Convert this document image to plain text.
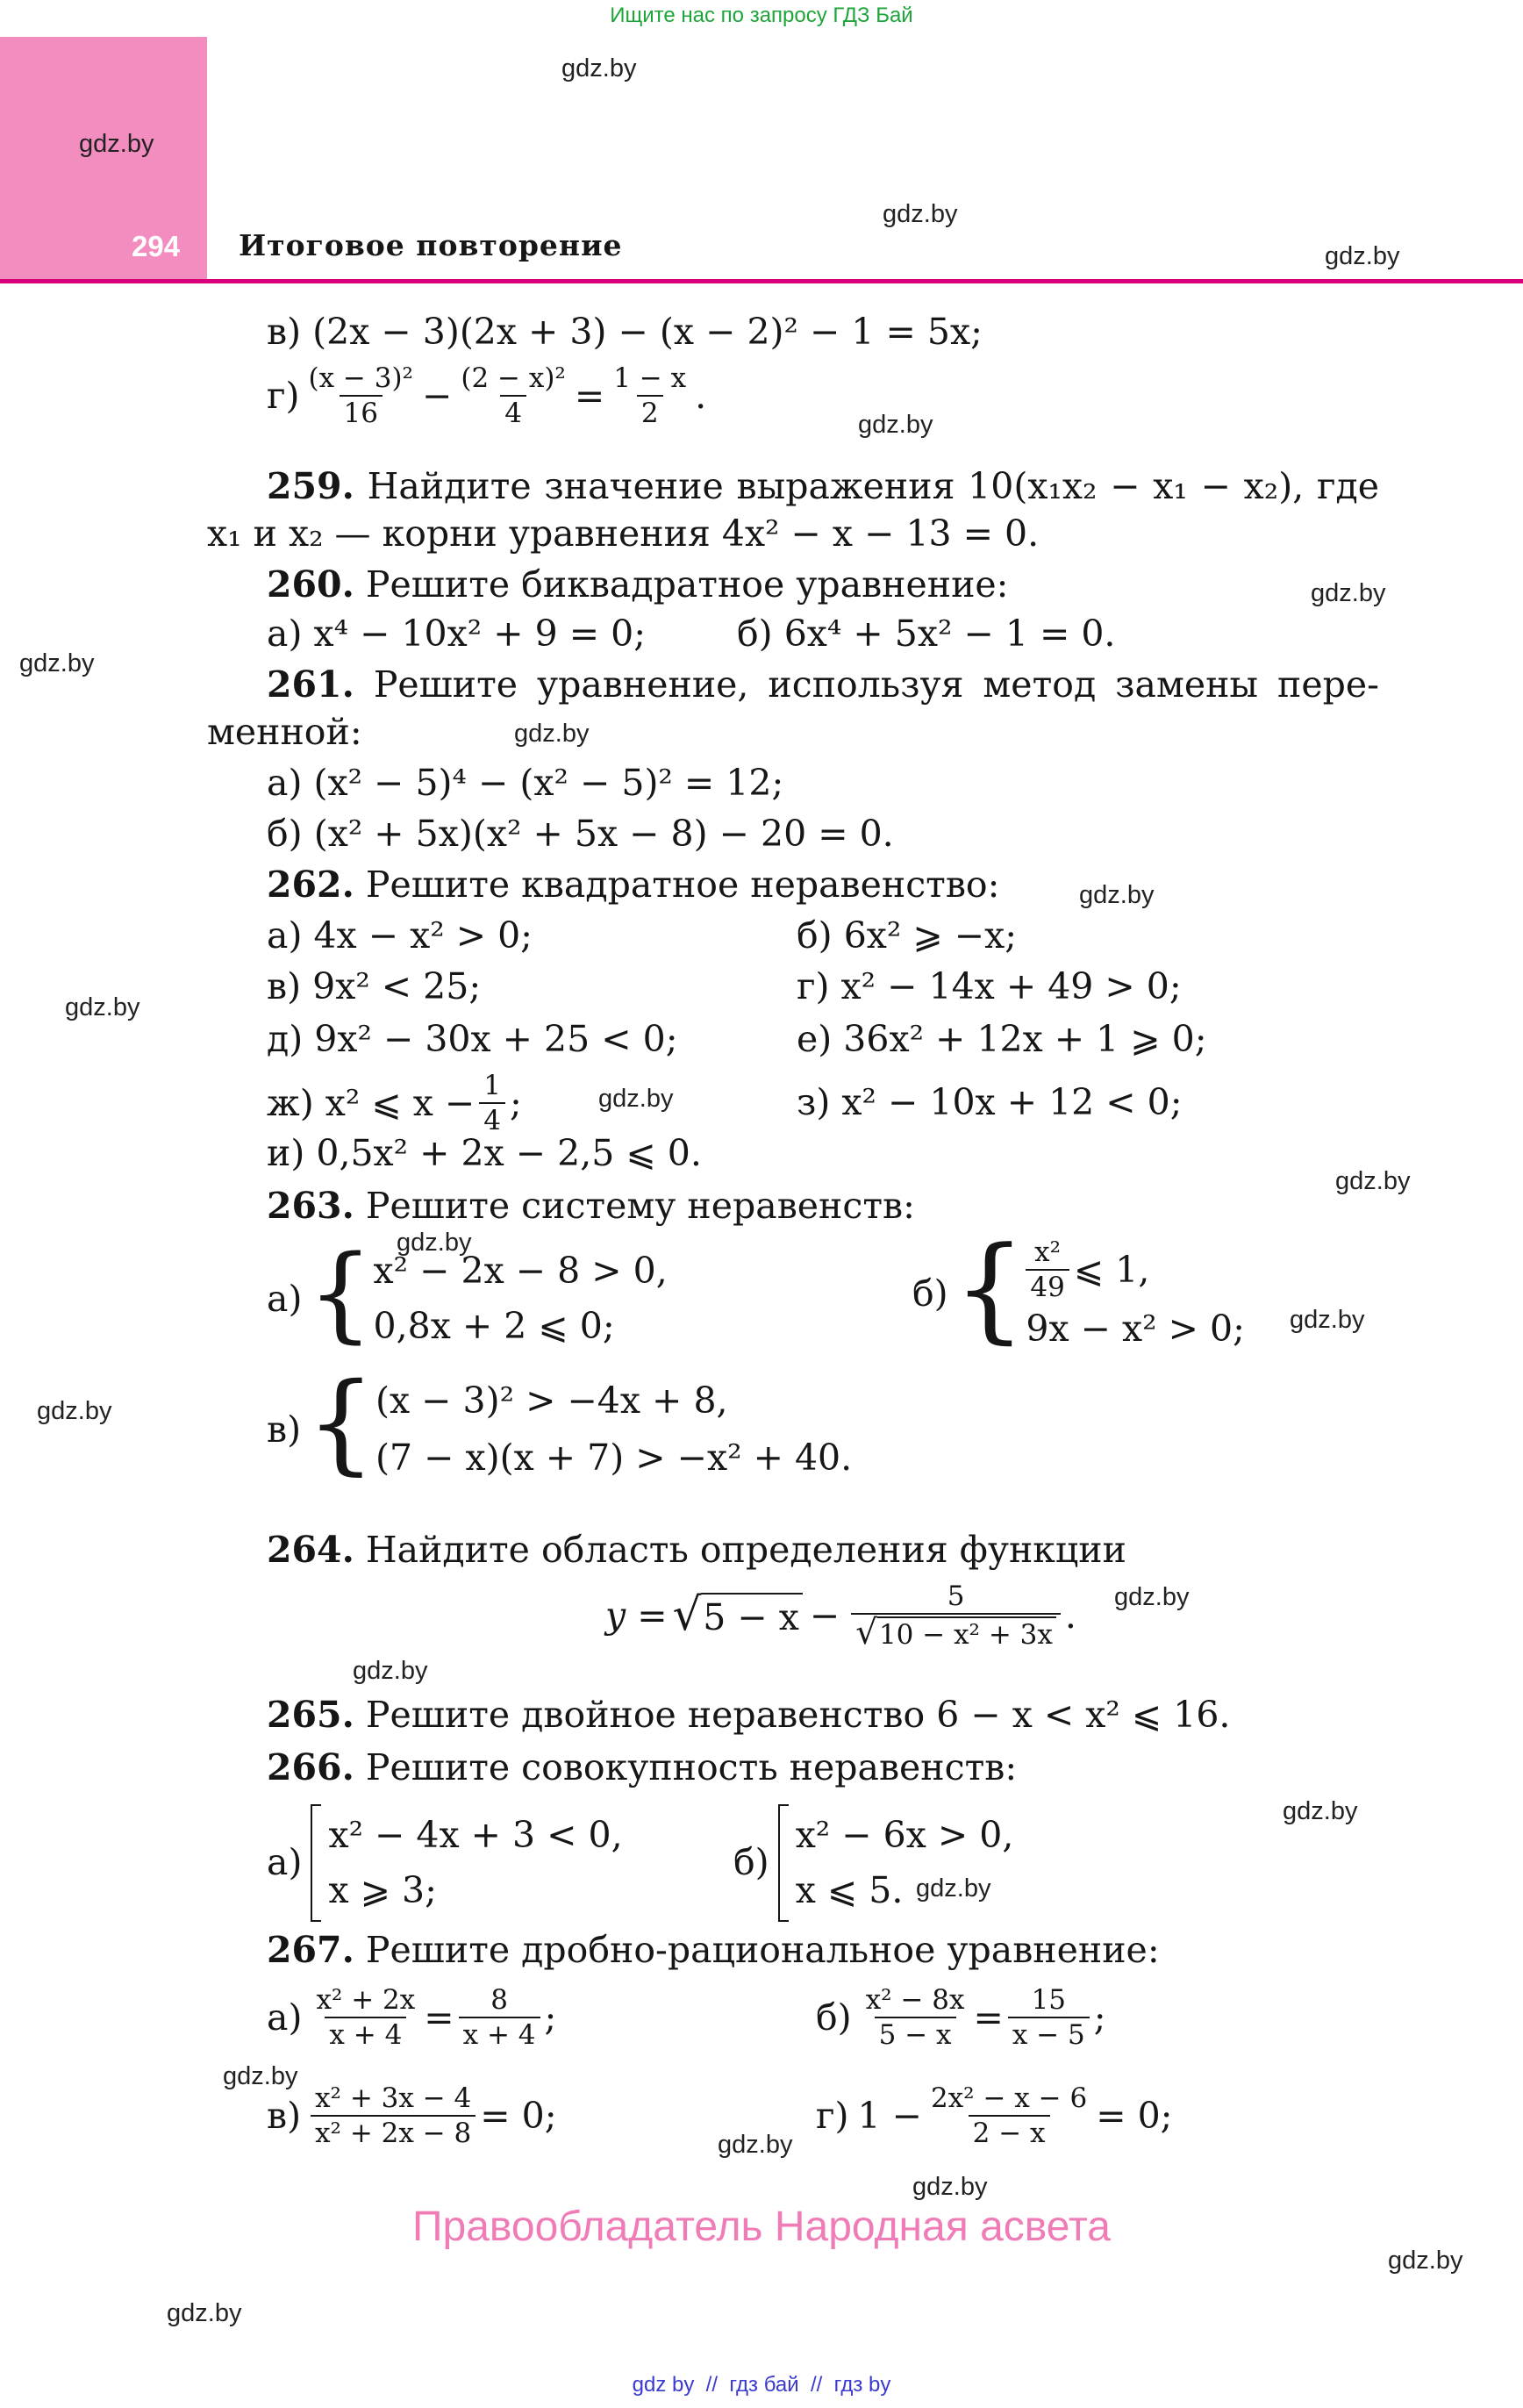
Ищите нас по запросу ГДЗ Бай
294 Итоговое повторение
gdz.by
gdz.by
gdz.by
gdz.by
gdz.by
gdz.by
gdz.by
gdz.by
gdz.by
gdz.by
gdz.by
gdz.by
gdz.by
gdz.by
gdz.by
gdz.by
gdz.by
gdz.by
gdz.by
gdz.by
gdz.by
gdz.by
gdz.by
gdz.by
в) (2x − 3)(2x + 3) − (x − 2)² − 1 = 5x;
$г) \frac{\text{(x − 3)²}}{16} - \frac{\text{(2 − x)²}}{4} = \frac{1 - x}{2}$ .
259. Найдите значение выражения 10(x₁x₂ − x₁ − x₂), где
x₁ и x₂ — корни уравнения 4x² − x − 13 = 0.
260. Решите биквадратное уравнение:
а) x⁴ − 10x² + 9 = 0;	б) 6x⁴ + 5x² − 1 = 0.
261. Решите уравнение, используя метод замены пере-
менной:
а) (x² − 5)⁴ − (x² − 5)² = 12;
б) (x² + 5x)(x² + 5x − 8) − 20 = 0.
262. Решите квадратное неравенство:
а) 4x − x² > 0;	б) 6x² ⩾ −x;
в) 9x² < 25;	г) x² − 14x + 49 > 0;
д) 9x² − 30x + 25 < 0;	е) 36x² + 12x + 1 ⩾ 0;
ж) x² ⩽ $x - \frac{1}{4}$ ;	з) x² − 10x + 12 < 0;
и) 0,5x² + 2x − 2,5 ⩽ 0.
263. Решите систему неравенств:
а) { x² − 2x − 8 > 0,
0,8x + 2 ⩽ 0;
б) { $\frac{\text{x²}}{49}$ ⩽ 1,
9x − x² > 0;
в) { (x − 3)² > −4x + 8,
(7 − x)(x + 7) > −x² + 40.
264. Найдите область определения функции
y = √ $5 - x - \frac{5}{\text{√ 10 − x² + 3x}}$ .
265. Решите двойное неравенство 6 − x < x² ⩽ 16.
266. Решите совокупность неравенств:
а)
x² − 4x + 3 < 0,
x ⩾ 3;
б)
x² − 6x > 0,
x ⩽ 5.
267. Решите дробно-рациональное уравнение:
$а) \frac{\text{x² + 2x}}{x + 4} = \frac{8}{x + 4}$ ;	$б) \frac{\text{x² − 8x}}{5 - x} = \frac{15}{x - 5}$ ;
$в) \frac{\text{x² + 3x − 4}}{\text{x² + 2x − 8}} = 0$;	г) $1 - \frac{\text{2x² − x − 6}}{2 - x} = 0$;
Правообладатель Народная асвета
gdz by  //  гдз бай  //  гдз by
